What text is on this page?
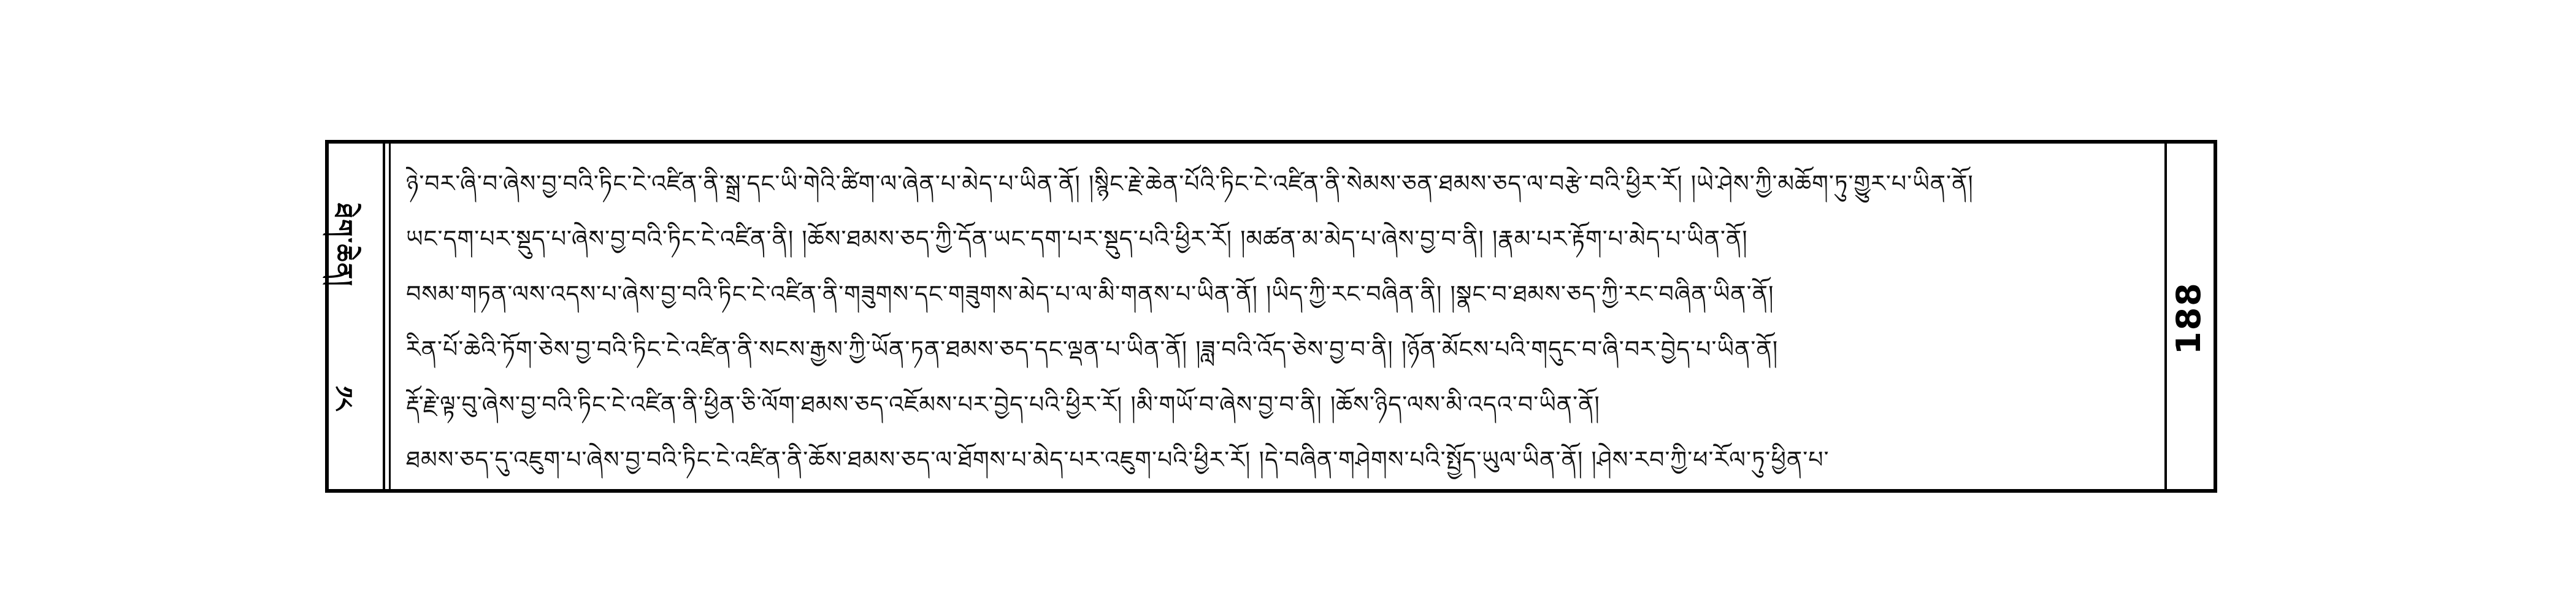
ཐེག་ཆེན།
༡༨
ཉེ་བར་ཞི་བ་ཞེས་བྱ་བའི་ཏིང་ངེ་འཛིན་ནི་སྒྲ་དང་ཡི་གེའི་ཚིག་ལ་ཞེན་པ་མེད་པ་ཡིན་ནོ། །སྙིང་རྗེ་ཆེན་པོའི་ཏིང་ངེ་འཛིན་ནི་སེམས་ཅན་ཐམས་ཅད་ལ་བརྩེ་བའི་ཕྱིར་རོ། །ཡེ་ཤེས་ཀྱི་མཆོག་ཏུ་གྱུར་པ་ཡིན་ནོ།
ཡང་དག་པར་སྡུད་པ་ཞེས་བྱ་བའི་ཏིང་ངེ་འཛིན་ནི། །ཆོས་ཐམས་ཅད་ཀྱི་དོན་ཡང་དག་པར་སྡུད་པའི་ཕྱིར་རོ། །མཚན་མ་མེད་པ་ཞེས་བྱ་བ་ནི། །རྣམ་པར་རྟོག་པ་མེད་པ་ཡིན་ནོ།
བསམ་གཏན་ལས་འདས་པ་ཞེས་བྱ་བའི་ཏིང་ངེ་འཛིན་ནི་གཟུགས་དང་གཟུགས་མེད་པ་ལ་མི་གནས་པ་ཡིན་ནོ། །ཡིད་ཀྱི་རང་བཞིན་ནི། །སྣང་བ་ཐམས་ཅད་ཀྱི་རང་བཞིན་ཡིན་ནོ།
རིན་པོ་ཆེའི་ཏོག་ཅེས་བྱ་བའི་ཏིང་ངེ་འཛིན་ནི་སངས་རྒྱས་ཀྱི་ཡོན་ཏན་ཐམས་ཅད་དང་ལྡན་པ་ཡིན་ནོ། །ཟླ་བའི་འོད་ཅེས་བྱ་བ་ནི། །ཉོན་མོངས་པའི་གདུང་བ་ཞི་བར་བྱེད་པ་ཡིན་ནོ།
རྡོ་རྗེ་ལྟ་བུ་ཞེས་བྱ་བའི་ཏིང་ངེ་འཛིན་ནི་ཕྱིན་ཅི་ལོག་ཐམས་ཅད་འཇོམས་པར་བྱེད་པའི་ཕྱིར་རོ། །མི་གཡོ་བ་ཞེས་བྱ་བ་ནི། །ཆོས་ཉིད་ལས་མི་འདའ་བ་ཡིན་ནོ།
ཐམས་ཅད་དུ་འཇུག་པ་ཞེས་བྱ་བའི་ཏིང་ངེ་འཛིན་ནི་ཆོས་ཐམས་ཅད་ལ་ཐོགས་པ་མེད་པར་འཇུག་པའི་ཕྱིར་རོ། །དེ་བཞིན་གཤེགས་པའི་སྤྱོད་ཡུལ་ཡིན་ནོ། །ཤེས་རབ་ཀྱི་ཕ་རོལ་ཏུ་ཕྱིན་པ་
188
